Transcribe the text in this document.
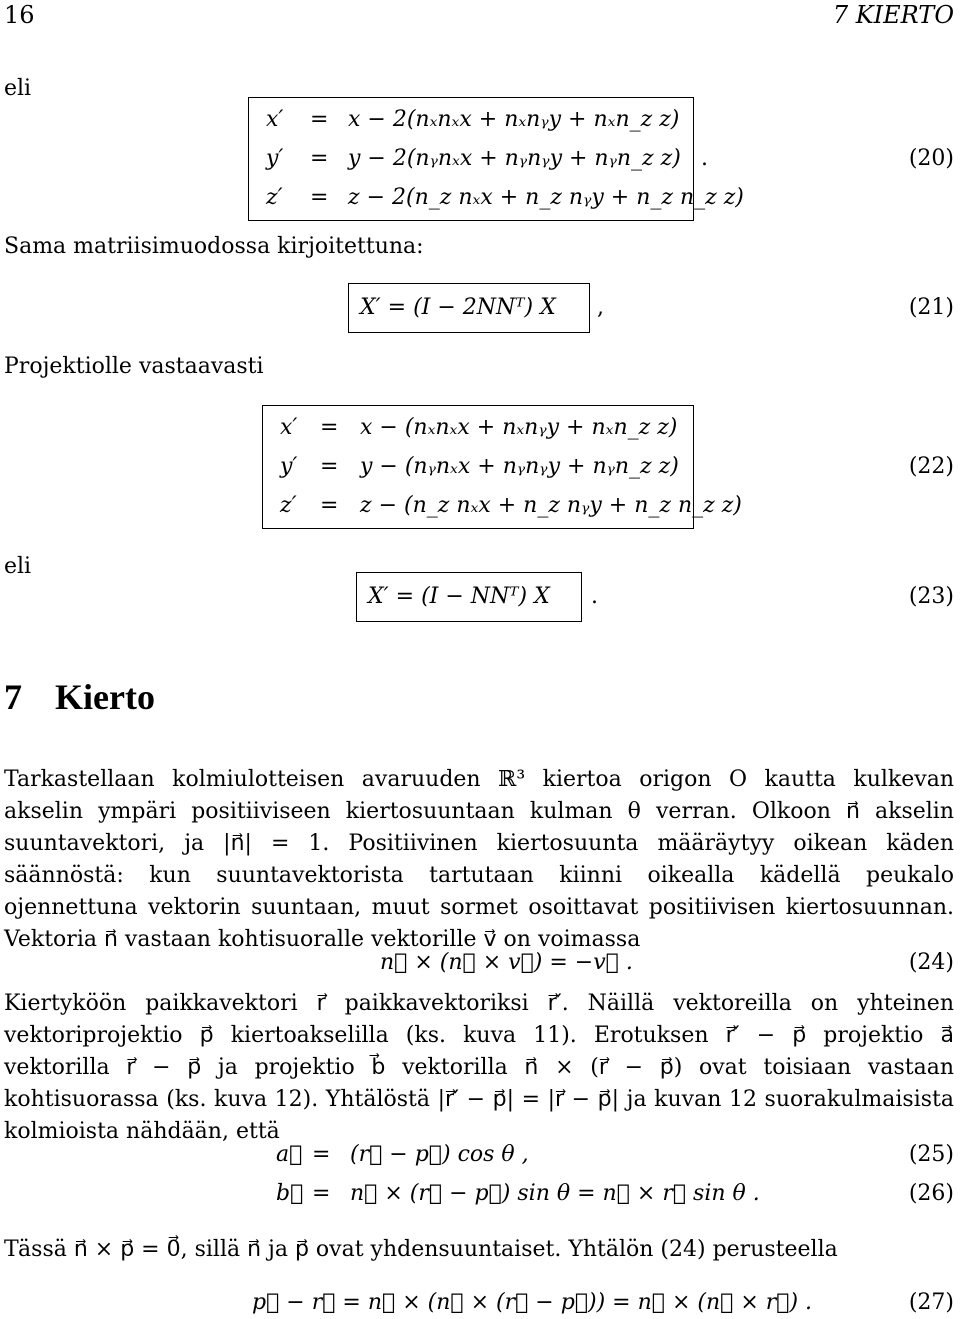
16	7 KIERTO
eli
x′	= x − 2(nₓnₓx + nₓnᵧy + nₓn_z z)
y′	= y − 2(nᵧnₓx + nᵧnᵧy + nᵧn_z z)
z′	= z − 2(n_z nₓx + n_z nᵧy + n_z n_z z)
.	(20)
Sama matriisimuodossa kirjoitettuna:
X′ = (I − 2NNᵀ) X ,	(21)
Projektiolle vastaavasti
x′	= x − (nₓnₓx + nₓnᵧy + nₓn_z z)
y′	= y − (nᵧnₓx + nᵧnᵧy + nᵧn_z z)
z′	= z − (n_z nₓx + n_z nᵧy + n_z n_z z)
(22)
eli
X′ = (I − NNᵀ) X .	(23)
7 Kierto

Tarkastellaan kolmiulotteisen avaruuden ℝ³ kiertoa origon O kautta kulkevan akselin ympäri positiiviseen kiertosuuntaan kulman θ verran. Olkoon n⃗ akselin suuntavektori, ja |n⃗| = 1. Positiivinen kiertosuunta määräytyy oikean käden säännöstä: kun suuntavektorista tartutaan kiinni oikealla kädellä peukalo ojennettuna vektorin suuntaan, muut sormet osoittavat positiivisen kiertosuunnan. Vektoria n⃗ vastaan kohtisuoralle vektorille v⃗ on voimassa

n⃗ × (n⃗ × v⃗) = −v⃗ .	(24)

Kiertyköön paikkavektori r⃗ paikkavektoriksi r⃗′. Näillä vektoreilla on yhteinen vektoriprojektio p⃗ kiertoakselilla (ks. kuva 11). Erotuksen r⃗′ − p⃗ projektio a⃗ vektorilla r⃗ − p⃗ ja projektio b⃗ vektorilla n⃗ × (r⃗ − p⃗) ovat toisiaan vastaan kohtisuorassa (ks. kuva 12). Yhtälöstä |r⃗′ − p⃗| = |r⃗ − p⃗| ja kuvan 12 suorakulmaisista kolmioista nähdään, että

a⃗ = (r⃗ − p⃗) cos θ ,	(25)
b⃗ = n⃗ × (r⃗ − p⃗) sin θ = n⃗ × r⃗ sin θ .	(26)

Tässä n⃗ × p⃗ = 0⃗, sillä n⃗ ja p⃗ ovat yhdensuuntaiset. Yhtälön (24) perusteella

p⃗ − r⃗ = n⃗ × (n⃗ × (r⃗ − p⃗)) = n⃗ × (n⃗ × r⃗) .	(27)
